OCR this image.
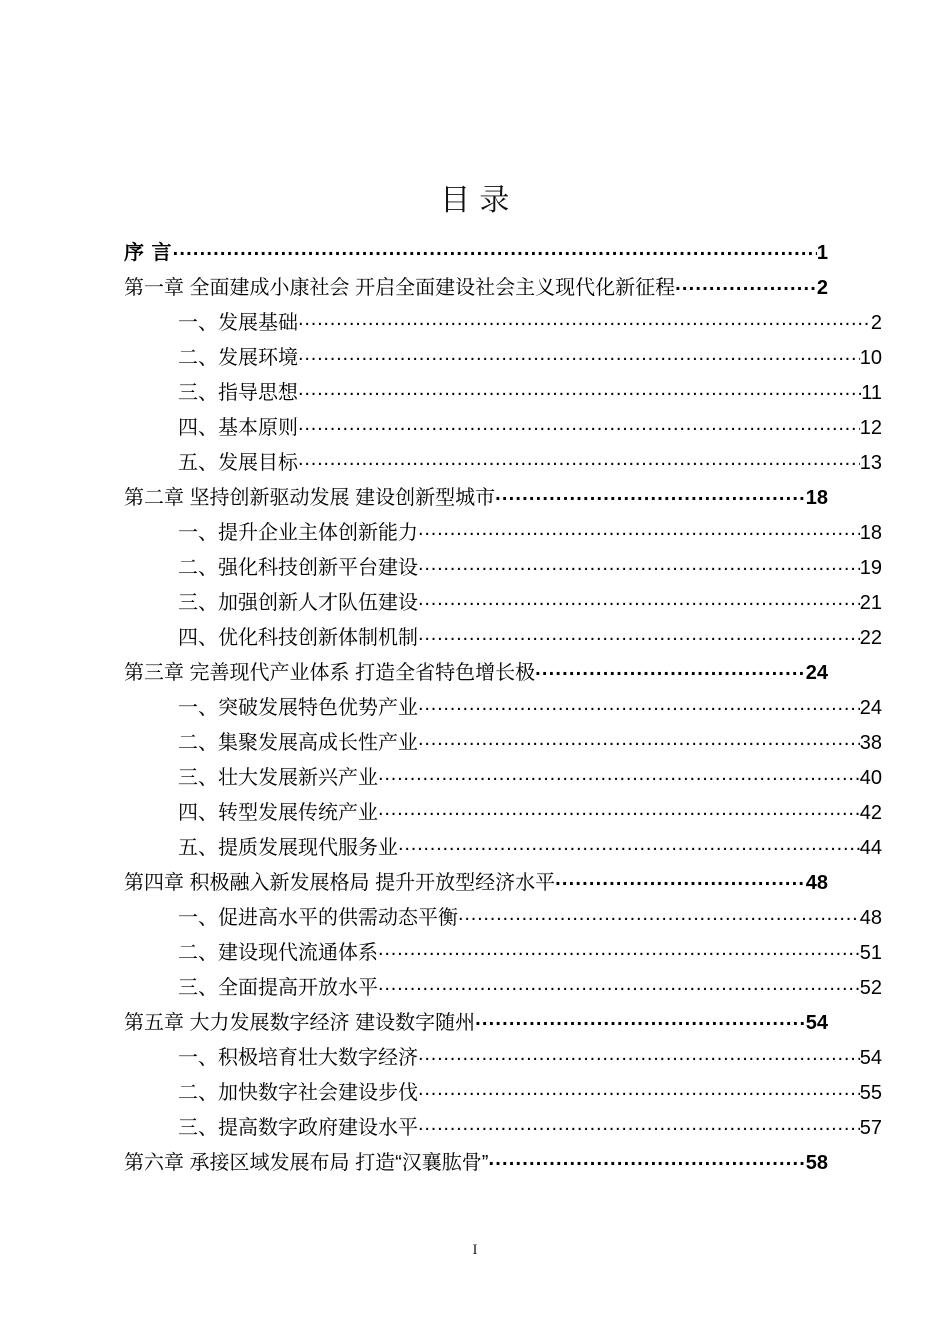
目 录
序 言 .....	1
第一章 全面建成小康社会 开启全面建设社会主义现代化新征程 .....	2
一、发展基础 .....	2
二、发展环境 .....	10
三、指导思想 .....	11
四、基本原则 .....	12
五、发展目标 .....	13
第二章 坚持创新驱动发展 建设创新型城市 .....	18
一、提升企业主体创新能力 .....	18
二、强化科技创新平台建设 .....	19
三、加强创新人才队伍建设 .....	21
四、优化科技创新体制机制 .....	22
第三章 完善现代产业体系 打造全省特色增长极 .....	24
一、突破发展特色优势产业 .....	24
二、集聚发展高成长性产业 .....	38
三、壮大发展新兴产业 .....	40
四、转型发展传统产业 .....	42
五、提质发展现代服务业 .....	44
第四章 积极融入新发展格局 提升开放型经济水平 .....	48
一、促进高水平的供需动态平衡 .....	48
二、建设现代流通体系 .....	51
三、全面提高开放水平 .....	52
第五章 大力发展数字经济 建设数字随州 .....	54
一、积极培育壮大数字经济 .....	54
二、加快数字社会建设步伐 .....	55
三、提高数字政府建设水平 .....	57
第六章 承接区域发展布局 打造“汉襄肱骨” .....	58
I
